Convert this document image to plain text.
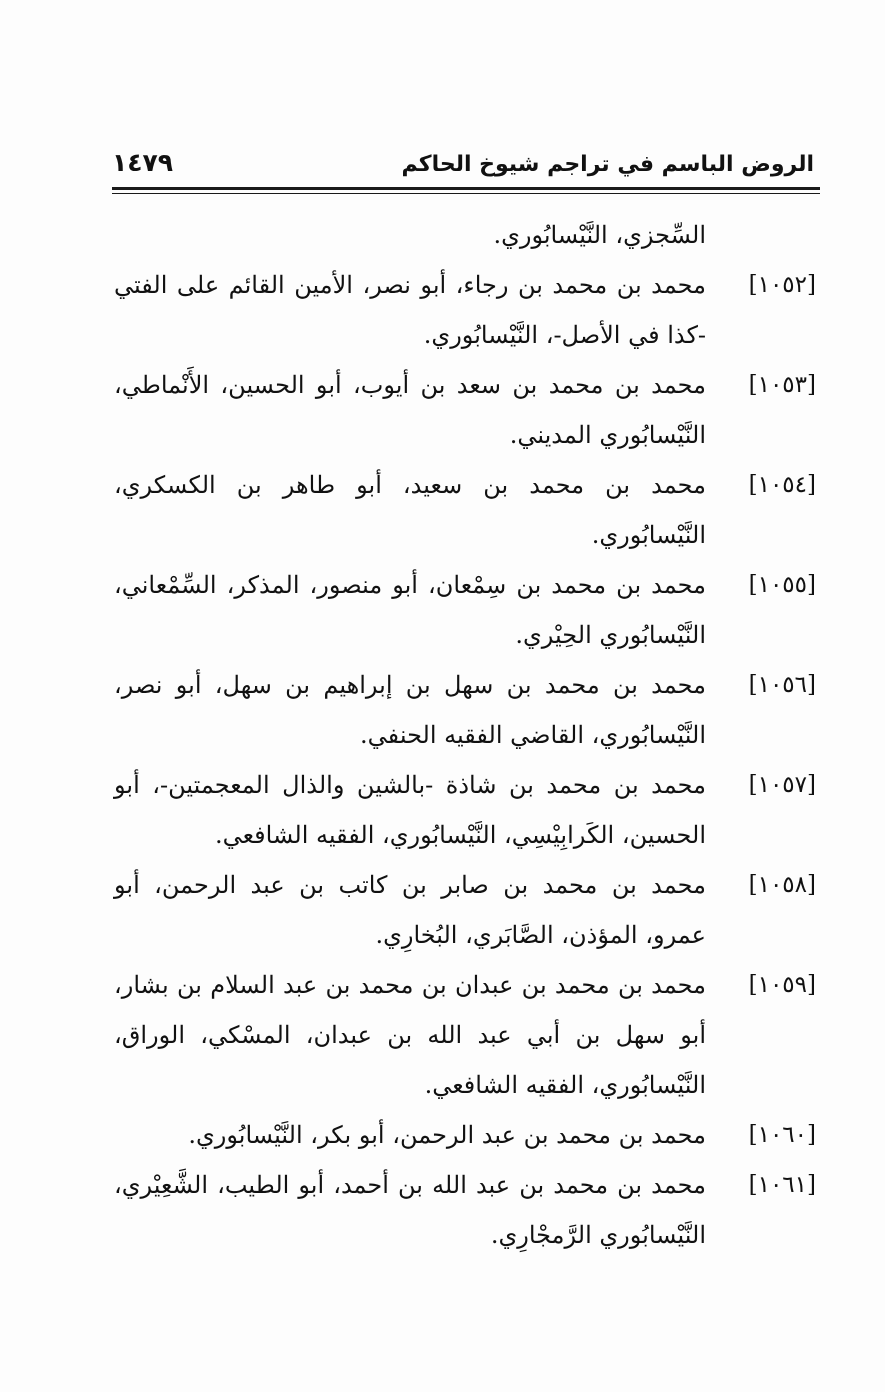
الروض الباسم في تراجم شيوخ الحاكم
١٤٧٩
السِّجزي، النَّيْسابُوري.
[١٠٥٢]
محمد بن محمد بن رجاء، أبو نصر، الأمين القائم على الفتي -كذا في الأصل-، النَّيْسابُوري.
[١٠٥٣]
محمد بن محمد بن سعد بن أيوب، أبو الحسين، الأَنْماطي، النَّيْسابُوري المديني.
[١٠٥٤]
محمد بن محمد بن سعيد، أبو طاهر بن الكسكري، النَّيْسابُوري.
[١٠٥٥]
محمد بن محمد بن سِمْعان، أبو منصور، المذكر، السِّمْعاني، النَّيْسابُوري الحِيْري.
[١٠٥٦]
محمد بن محمد بن سهل بن إبراهيم بن سهل، أبو نصر، النَّيْسابُوري، القاضي الفقيه الحنفي.
[١٠٥٧]
محمد بن محمد بن شاذة -بالشين والذال المعجمتين-، أبو الحسين، الكَرابِيْسِي، النَّيْسابُوري، الفقيه الشافعي.
[١٠٥٨]
محمد بن محمد بن صابر بن كاتب بن عبد الرحمن، أبو عمرو، المؤذن، الصَّابَري، البُخارِي.
[١٠٥٩]
محمد بن محمد بن عبدان بن محمد بن عبد السلام بن بشار، أبو سهل بن أبي عبد الله بن عبدان، المسْكي، الوراق، النَّيْسابُوري، الفقيه الشافعي.
[١٠٦٠]
محمد بن محمد بن عبد الرحمن، أبو بكر، النَّيْسابُوري.
[١٠٦١]
محمد بن محمد بن عبد الله بن أحمد، أبو الطيب، الشَّعِيْري، النَّيْسابُوري الرَّمجْارِي.
